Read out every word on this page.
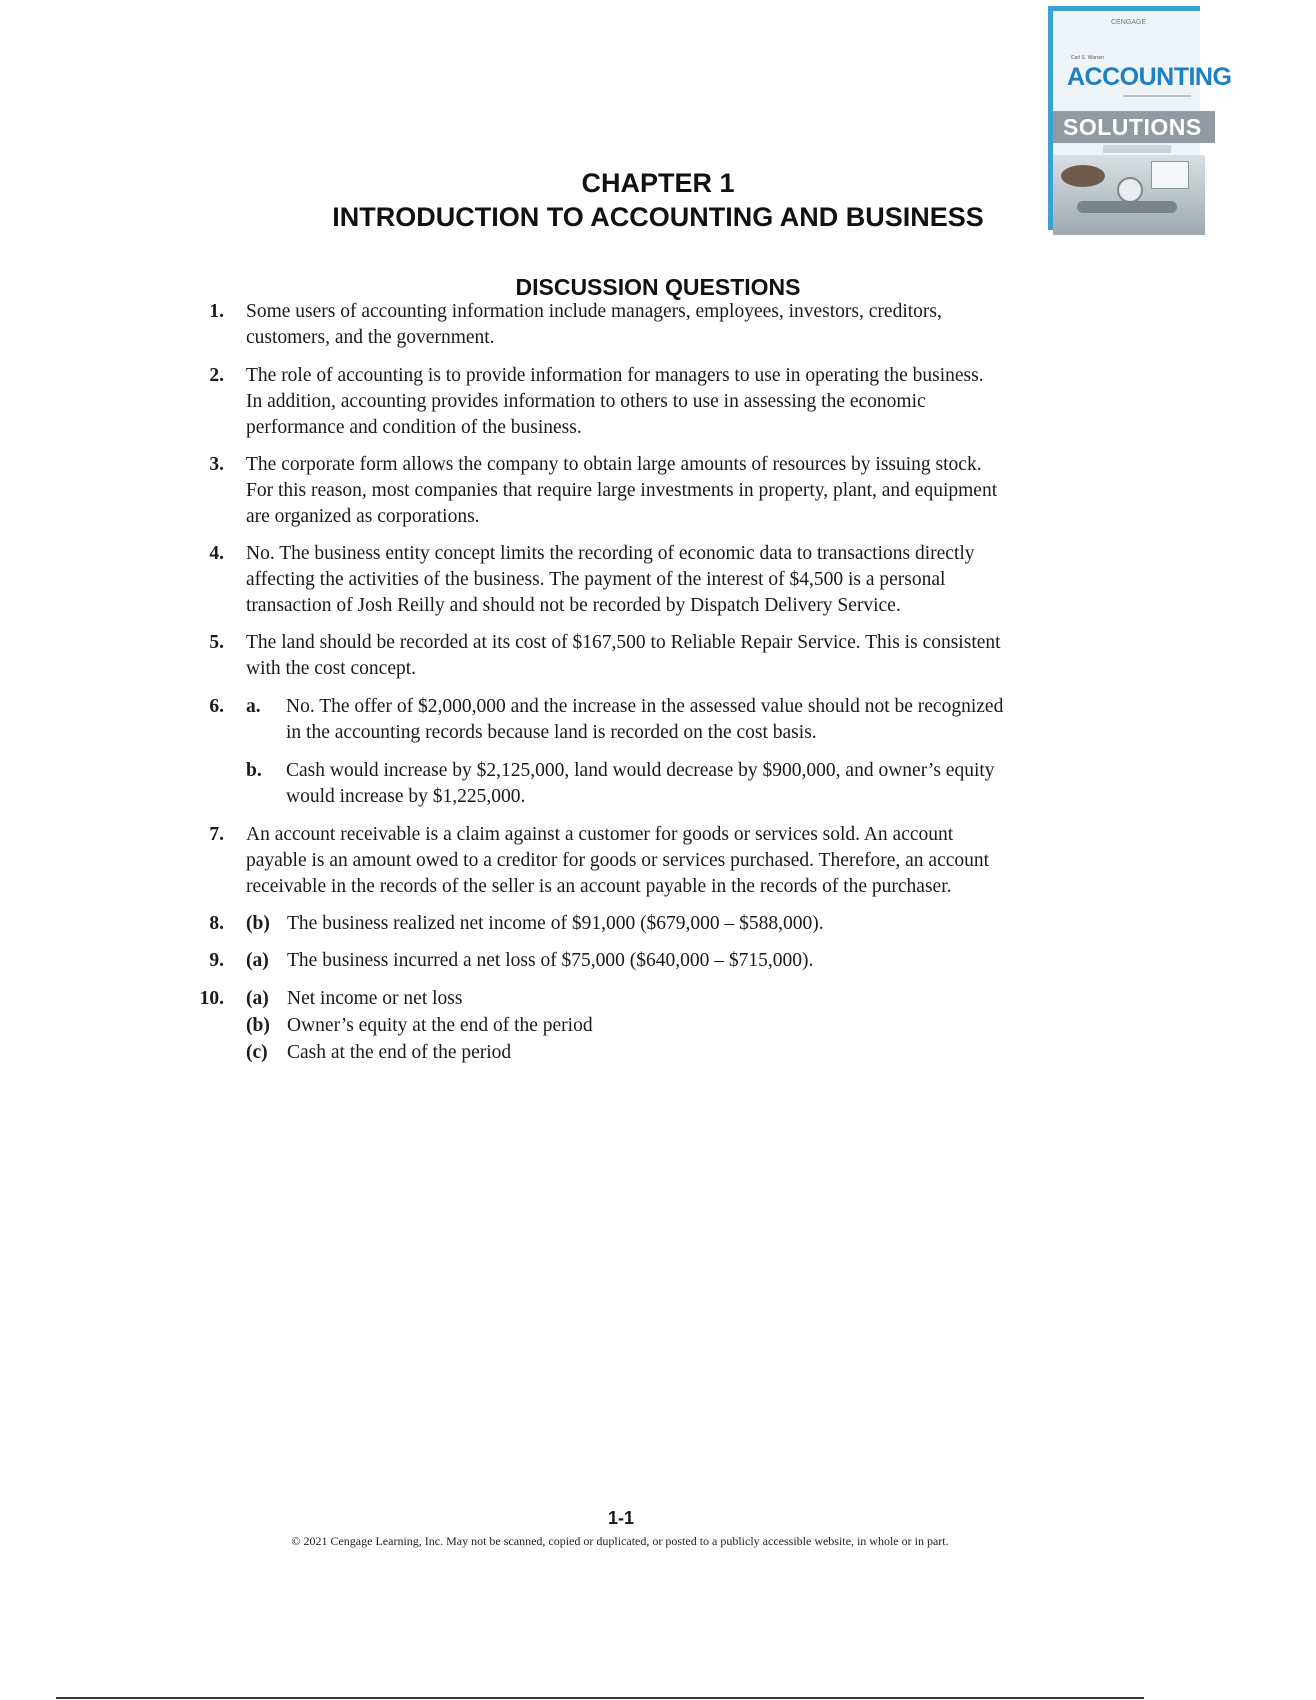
CENGAGE
Carl S. Warren
ACCOUNTING
SOLUTIONS
CHAPTER 1
INTRODUCTION TO ACCOUNTING AND BUSINESS
DISCUSSION QUESTIONS
1. Some users of accounting information include managers, employees, investors, creditors,
customers, and the government.
2. The role of accounting is to provide information for managers to use in operating the business.
In addition, accounting provides information to others to use in assessing the economic
performance and condition of the business.
3. The corporate form allows the company to obtain large amounts of resources by issuing stock.
For this reason, most companies that require large investments in property, plant, and equipment
are organized as corporations.
4. No. The business entity concept limits the recording of economic data to transactions directly
affecting the activities of the business. The payment of the interest of $4,500 is a personal
transaction of Josh Reilly and should not be recorded by Dispatch Delivery Service.
5. The land should be recorded at its cost of $167,500 to Reliable Repair Service. This is consistent
with the cost concept.
6. a. No. The offer of $2,000,000 and the increase in the assessed value should not be recognized
in the accounting records because land is recorded on the cost basis.
b. Cash would increase by $2,125,000, land would decrease by $900,000, and owner’s equity
would increase by $1,225,000.
7. An account receivable is a claim against a customer for goods or services sold. An account
payable is an amount owed to a creditor for goods or services purchased. Therefore, an account
receivable in the records of the seller is an account payable in the records of the purchaser.
8. (b) The business realized net income of $91,000 ($679,000 – $588,000).
9. (a) The business incurred a net loss of $75,000 ($640,000 – $715,000).
10. (a) Net income or net loss
(b) Owner’s equity at the end of the period
(c) Cash at the end of the period
1-1
© 2021 Cengage Learning, Inc. May not be scanned, copied or duplicated, or posted to a publicly accessible website, in whole or in part.
